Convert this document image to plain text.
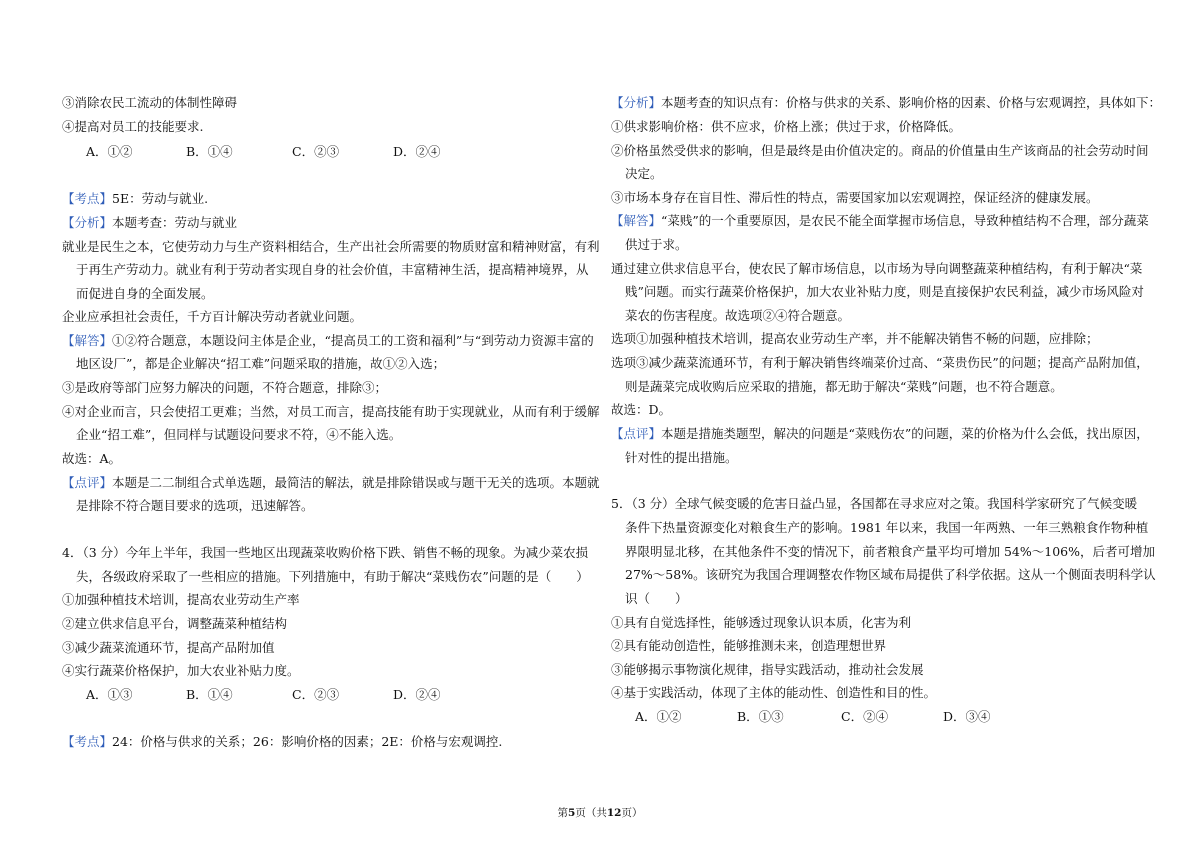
③消除农民工流动的体制性障碍
④提高对员工的技能要求.
A．①②	B．①④	C．②③	D．②④
【考点】5E：劳动与就业.
【分析】本题考查：劳动与就业
就业是民生之本，它使劳动力与生产资料相结合，生产出社会所需要的物质财富和精神财富，有利
于再生产劳动力。就业有利于劳动者实现自身的社会价值，丰富精神生活，提高精神境界，从
而促进自身的全面发展。
企业应承担社会责任，千方百计解决劳动者就业问题。
【解答】①②符合题意，本题设问主体是企业，“提高员工的工资和福利”与“到劳动力资源丰富的
地区设厂”，都是企业解决“招工难”问题采取的措施，故①②入选；
③是政府等部门应努力解决的问题，不符合题意，排除③；
④对企业而言，只会使招工更难；当然，对员工而言，提高技能有助于实现就业，从而有利于缓解
企业“招工难”，但同样与试题设问要求不符，④不能入选。
故选：A。
【点评】本题是二二制组合式单选题，最简洁的解法，就是排除错误或与题干无关的选项。本题就
是排除不符合题目要求的选项，迅速解答。
4．（3 分）今年上半年，我国一些地区出现蔬菜收购价格下跌、销售不畅的现象。为减少菜农损
失，各级政府采取了一些相应的措施。下列措施中，有助于解决“菜贱伤农”问题的是（　　）
①加强种植技术培训，提高农业劳动生产率
②建立供求信息平台，调整蔬菜种植结构
③减少蔬菜流通环节，提高产品附加值
④实行蔬菜价格保护，加大农业补贴力度。
A．①③	B．①④	C．②③	D．②④
【考点】24：价格与供求的关系；26：影响价格的因素；2E：价格与宏观调控.
【分析】本题考查的知识点有：价格与供求的关系、影响价格的因素、价格与宏观调控，具体如下：
①供求影响价格：供不应求，价格上涨；供过于求，价格降低。
②价格虽然受供求的影响，但是最终是由价值决定的。商品的价值量由生产该商品的社会劳动时间
决定。
③市场本身存在盲目性、滞后性的特点，需要国家加以宏观调控，保证经济的健康发展。
【解答】“菜贱”的一个重要原因，是农民不能全面掌握市场信息，导致种植结构不合理，部分蔬菜
供过于求。
通过建立供求信息平台，使农民了解市场信息，以市场为导向调整蔬菜种植结构，有利于解决“菜
贱”问题。而实行蔬菜价格保护，加大农业补贴力度，则是直接保护农民利益，减少市场风险对
菜农的伤害程度。故选项②④符合题意。
选项①加强种植技术培训，提高农业劳动生产率，并不能解决销售不畅的问题，应排除；
选项③减少蔬菜流通环节，有利于解决销售终端菜价过高、“菜贵伤民”的问题；提高产品附加值，
则是蔬菜完成收购后应采取的措施，都无助于解决“菜贱”问题，也不符合题意。
故选：D。
【点评】本题是措施类题型，解决的问题是“菜贱伤农”的问题，菜的价格为什么会低，找出原因，
针对性的提出措施。
5．（3 分）全球气候变暖的危害日益凸显，各国都在寻求应对之策。我国科学家研究了气候变暖
条件下热量资源变化对粮食生产的影响。1981 年以来，我国一年两熟、一年三熟粮食作物种植
界限明显北移，在其他条件不变的情况下，前者粮食产量平均可增加 54%～106%，后者可增加
27%～58%。该研究为我国合理调整农作物区域布局提供了科学依据。这从一个侧面表明科学认
识（　　）
①具有自觉选择性，能够透过现象认识本质，化害为利
②具有能动创造性，能够推测未来，创造理想世界
③能够揭示事物演化规律，指导实践活动，推动社会发展
④基于实践活动，体现了主体的能动性、创造性和目的性。
A．①②	B．①③	C．②④	D．③④
第5页（共12页）
